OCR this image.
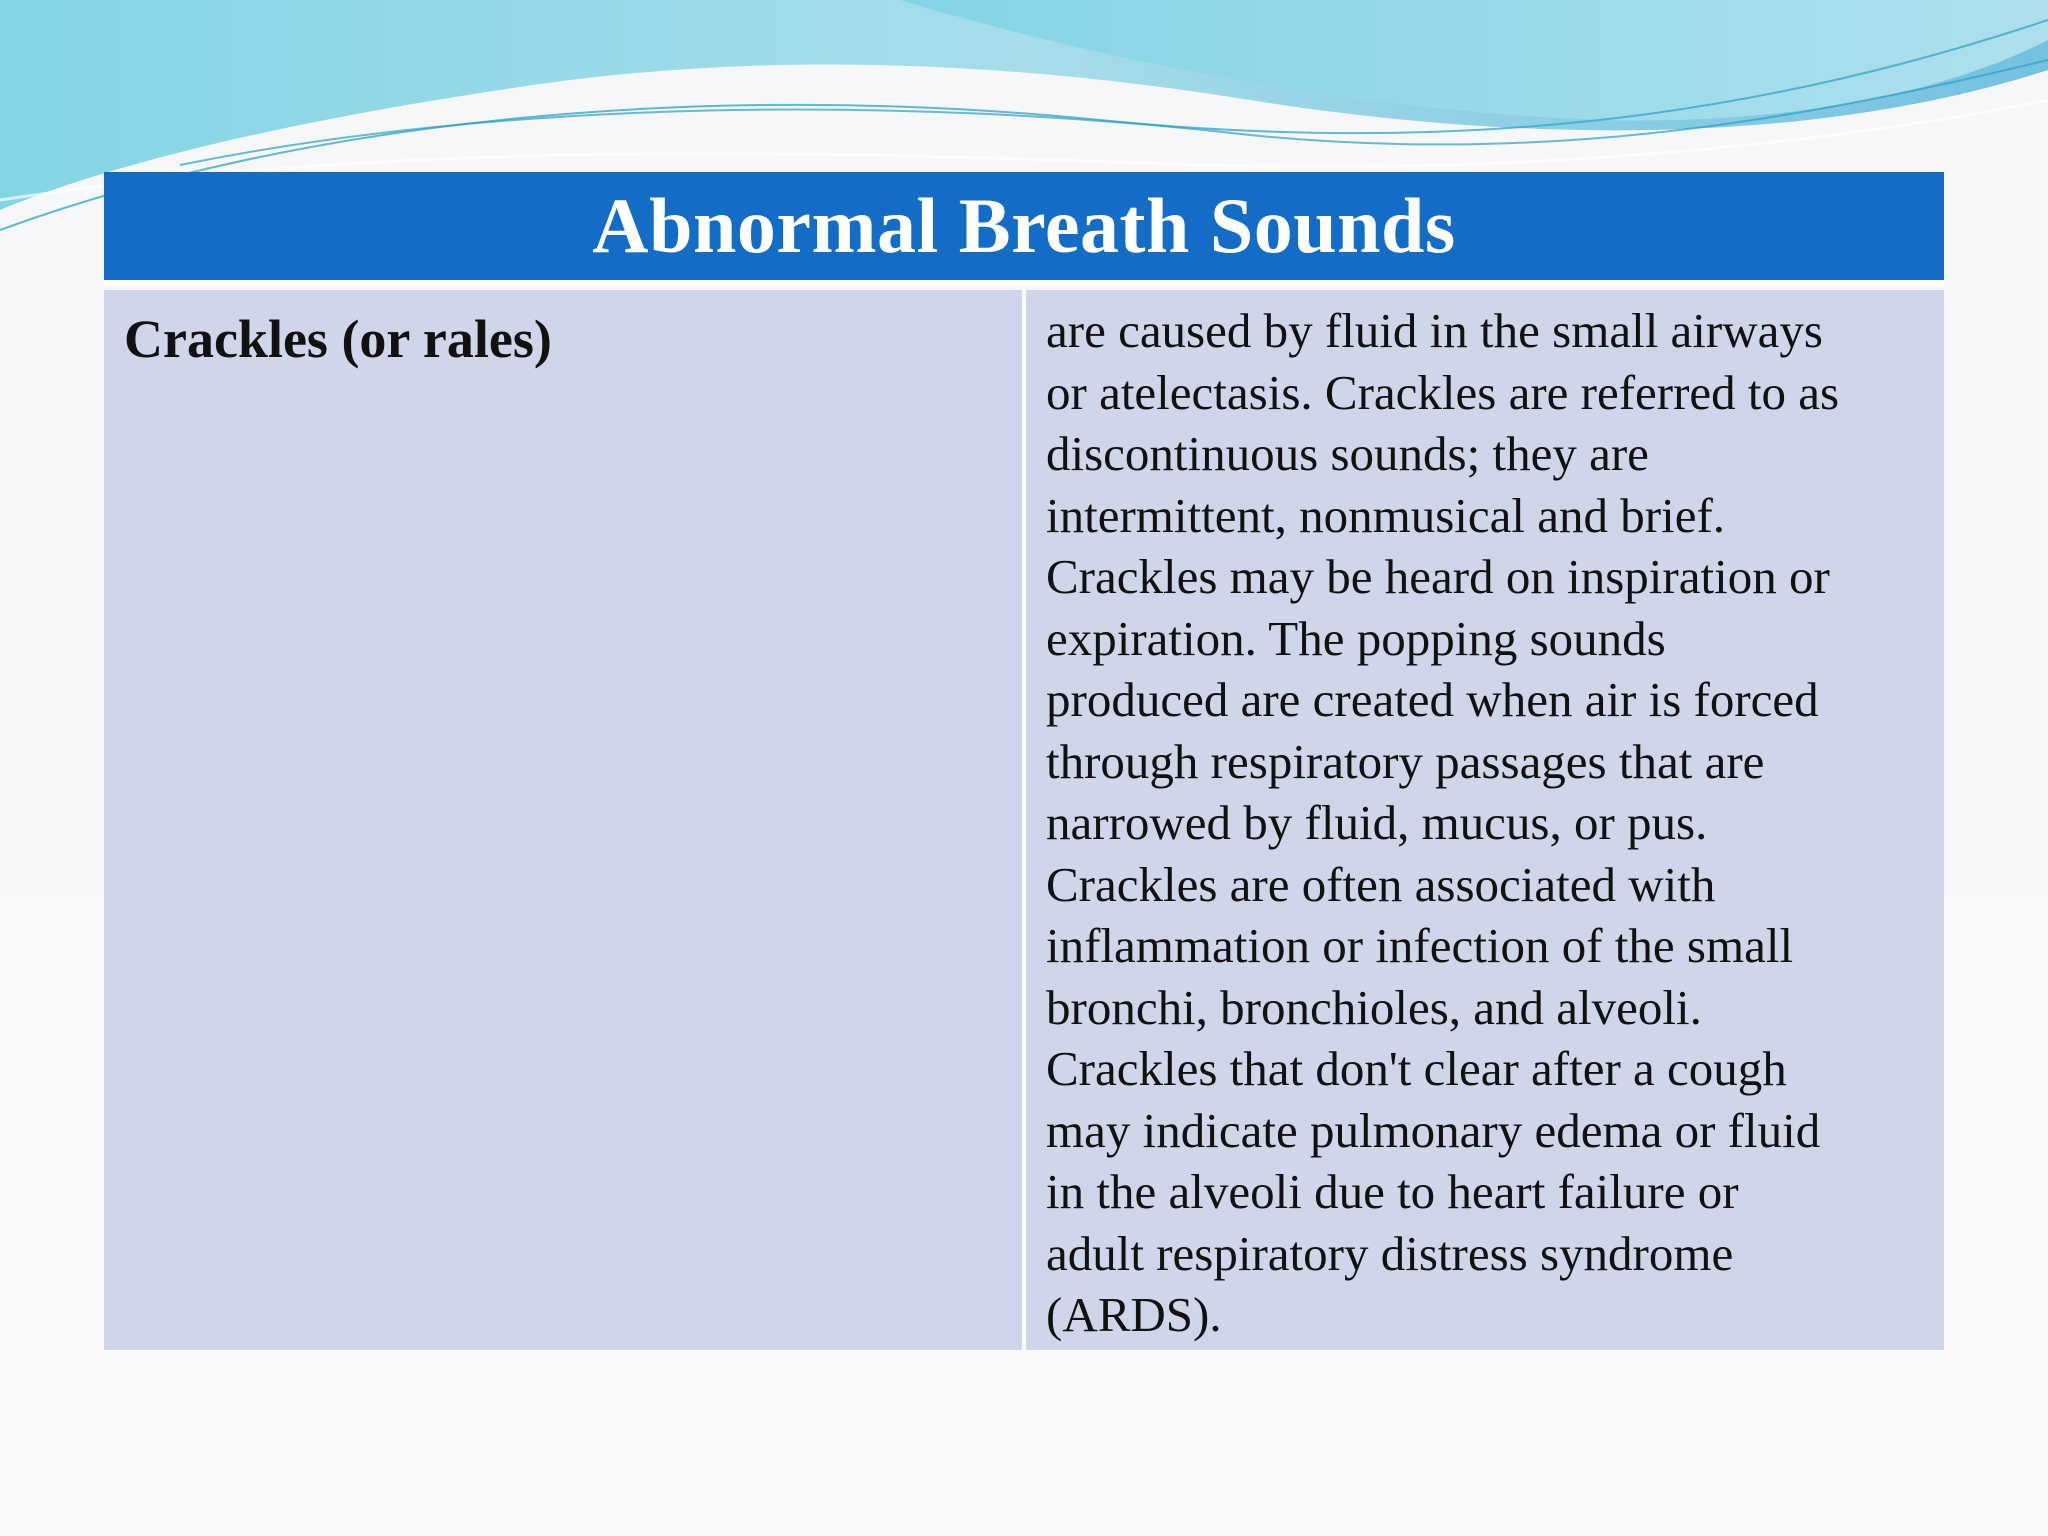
Abnormal Breath Sounds
Crackles (or rales)	are caused by fluid in the small airways
or atelectasis. Crackles are referred to as
discontinuous sounds; they are
intermittent, nonmusical and brief.
Crackles may be heard on inspiration or
expiration. The popping sounds
produced are created when air is forced
through respiratory passages that are
narrowed by fluid, mucus, or pus.
Crackles are often associated with
inflammation or infection of the small
bronchi, bronchioles, and alveoli.
Crackles that don't clear after a cough
may indicate pulmonary edema or fluid
in the alveoli due to heart failure or
adult respiratory distress syndrome
(ARDS).
